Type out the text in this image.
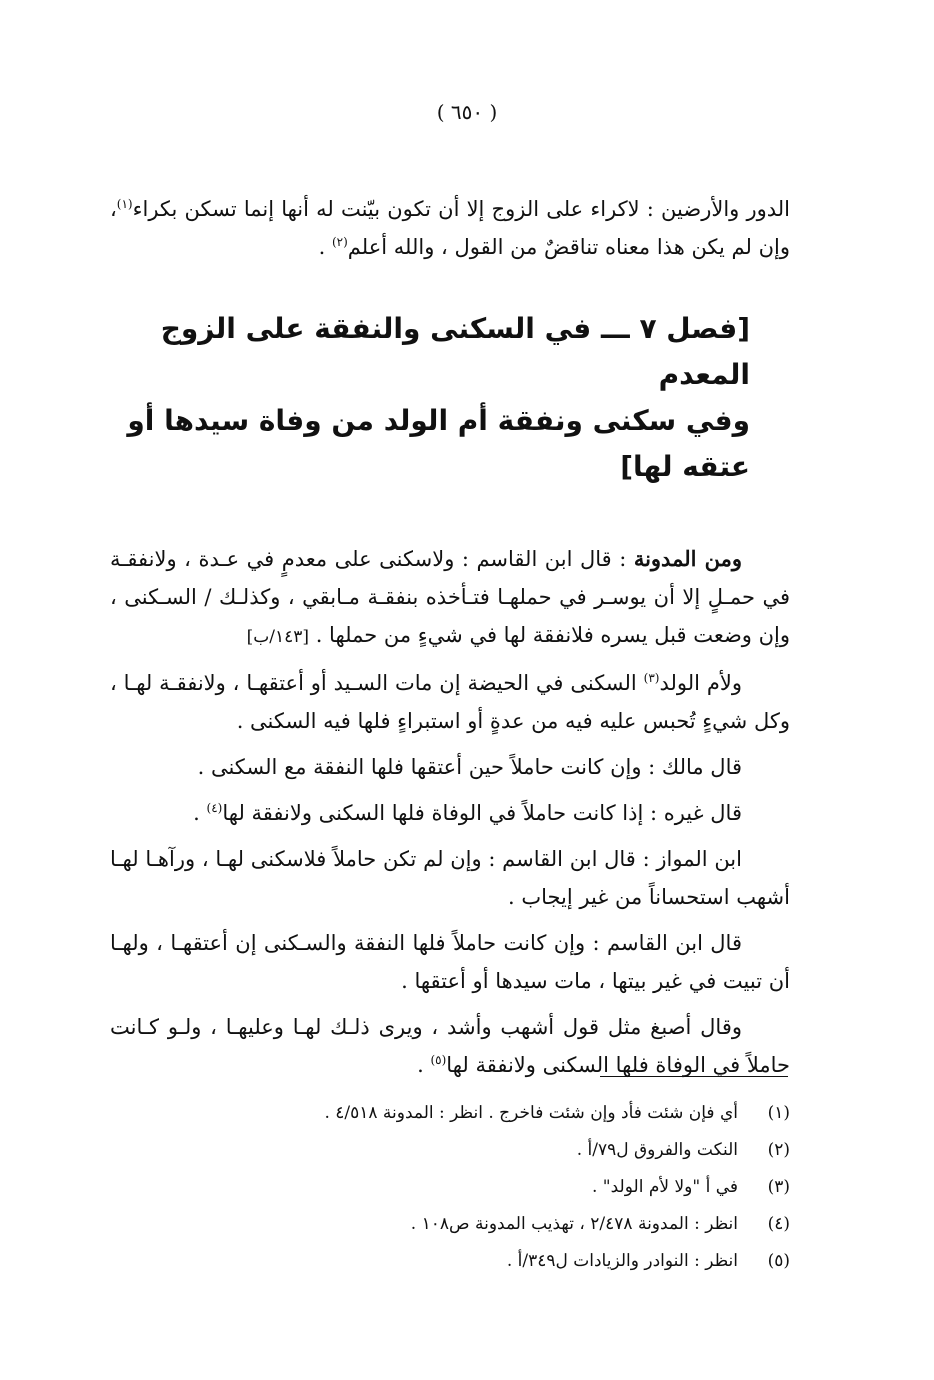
( ٦٥٠ )

الدور والأرضين : لاكراء على الزوج إلا أن تكون بيّنت له أنها إنما تسكن بكراء$^{(١)}$، وإن لم يكن هذا معناه تناقضٌ من القول ، والله أعلم$^{(٢)}$ .

[فصل ٧ ـــ في السكنى والنفقة على الزوج المعدم
وفي سكنى ونفقة أم الولد من وفاة سيدها أو عتقه لها]

ومن المدونة : قال ابن القاسم : ولاسكنى على معدمٍ في عـدة ، ولانفقـة في حمـلٍ إلا أن يوسـر في حملهـا فتـأخذه بنفقـة مـابقي ، وكذلـك / السـكنى ، وإن وضعت قبل يسره فلانفقة لها في شيءٍ من حملها . [١٤٣/ب]

ولأم الولد$^{(٣)}$ السكنى في الحيضة إن مات السـيد أو أعتقهـا ، ولانفقـة لهـا ، وكل شيءٍ تُحبس عليه فيه من عدةٍ أو استبراءٍ فلها فيه السكنى .

قال مالك : وإن كانت حاملاً حين أعتقها فلها النفقة مع السكنى .

قال غيره : إذا كانت حاملاً في الوفاة فلها السكنى ولانفقة لها$^{(٤)}$ .

ابن المواز : قال ابن القاسم : وإن لم تكن حاملاً فلاسكنى لهـا ، ورآهـا لهـا أشهب استحساناً من غير إيجاب .

قال ابن القاسم : وإن كانت حاملاً فلها النفقة والسـكنى إن أعتقهـا ، ولهـا أن تبيت في غير بيتها ، مات سيدها أو أعتقها .

وقال أصبغ مثل قول أشهب وأشد ، ويرى ذلـك لهـا وعليهـا ، ولـو كـانت حاملاً في الوفاة فلها السكنى ولانفقة لها$^{(٥)}$ .

(١)
أي فإن شئت فأد وإن شئت فاخرج . انظر : المدونة ٤/٥١٨ .
(٢)
النكت والفروق ل٧٩/أ .
(٣)
في أ "ولا لأم الولد" .
(٤)
انظر : المدونة ٢/٤٧٨ ، تهذيب المدونة ص١٠٨ .
(٥)
انظر : النوادر والزيادات ل٣٤٩/أ .
